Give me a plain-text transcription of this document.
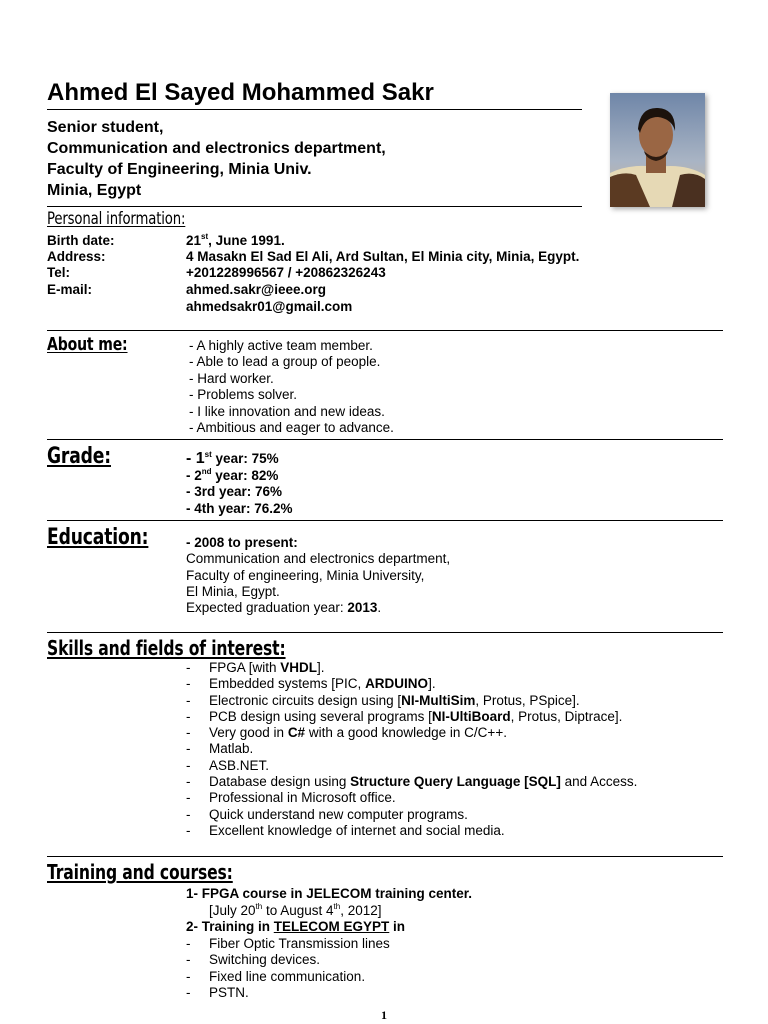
Ahmed El Sayed Mohammed Sakr
Senior student,
Communication and electronics department,
Faculty of Engineering, Minia Univ.
Minia, Egypt
Personal information:
Birth date:	21st, June 1991.
Address:	4 Masakn El Sad El Ali, Ard Sultan, El Minia city, Minia, Egypt.
Tel:	+201228996567 / +20862326243
E-mail:	ahmed.sakr@ieee.org
ahmedsakr01@gmail.com
About me:	- A highly active team member.
- Able to lead a group of people.
- Hard worker.
- Problems solver.
- I like innovation and new ideas.
- Ambitious and eager to advance.
Grade:	- 1st year: 75%
- 2nd year: 82%
- 3rd year: 76%
- 4th year: 76.2%
Education:	- 2008 to present:
Communication and electronics department,
Faculty of engineering, Minia University,
El Minia, Egypt.
Expected graduation year: 2013.
Skills and fields of interest:
-	FPGA [with VHDL].
-	Embedded systems [PIC, ARDUINO].
-	Electronic circuits design using [NI-MultiSim, Protus, PSpice].
-	PCB design using several programs [NI-UltiBoard, Protus, Diptrace].
-	Very good in C# with a good knowledge in C/C++.
-	Matlab.
-	ASB.NET.
-	Database design using Structure Query Language [SQL] and Access.
-	Professional in Microsoft office.
-	Quick understand new computer programs.
-	Excellent knowledge of internet and social media.
Training and courses:
1- FPGA course in JELECOM training center.
[July 20th to August 4th, 2012]
2- Training in TELECOM EGYPT in
-	Fiber Optic Transmission lines
-	Switching devices.
-	Fixed line communication.
-	PSTN.
1
